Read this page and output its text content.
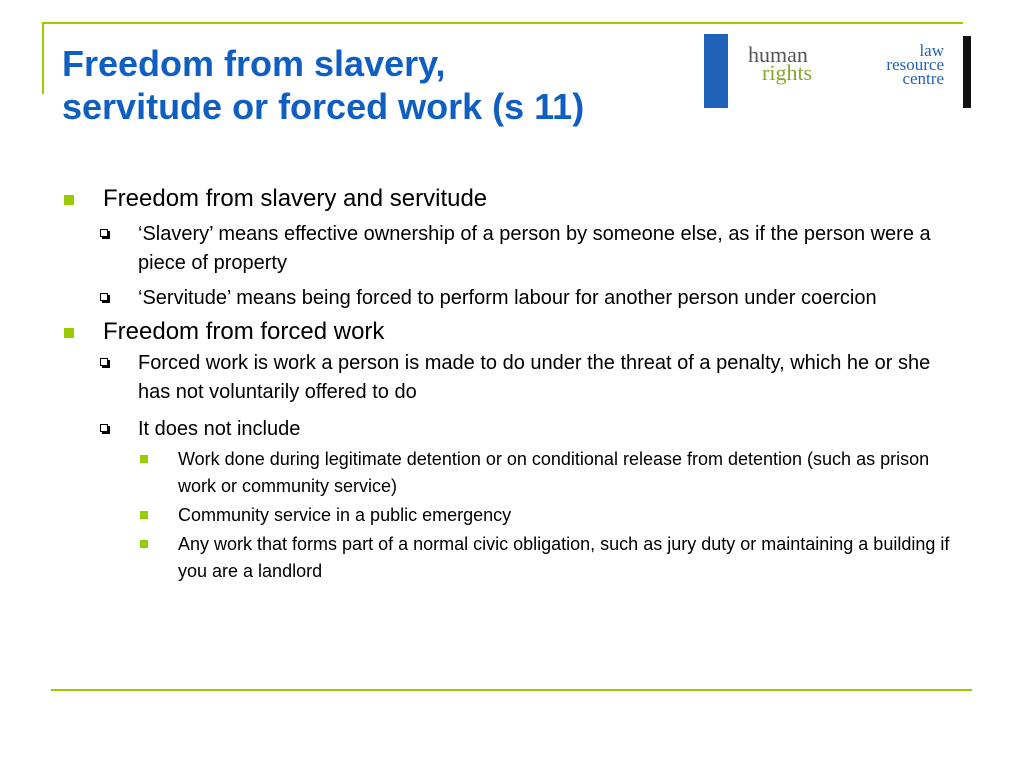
Freedom from slavery,
servitude or forced work (s 11)
human
rights
law
resource
centre
Freedom from slavery and servitude
‘Slavery’ means effective ownership of a person by someone else, as if the person were a piece of property
‘Servitude’ means being forced to perform labour for another person under coercion
Freedom from forced work
Forced work is work a person is made to do under the threat of a penalty, which he or she has not voluntarily offered to do
It does not include
Work done during legitimate detention or on conditional release from detention (such as prison work or community service)
Community service in a public emergency
Any work that forms part of a normal civic obligation, such as jury duty or maintaining a building if you are a landlord
